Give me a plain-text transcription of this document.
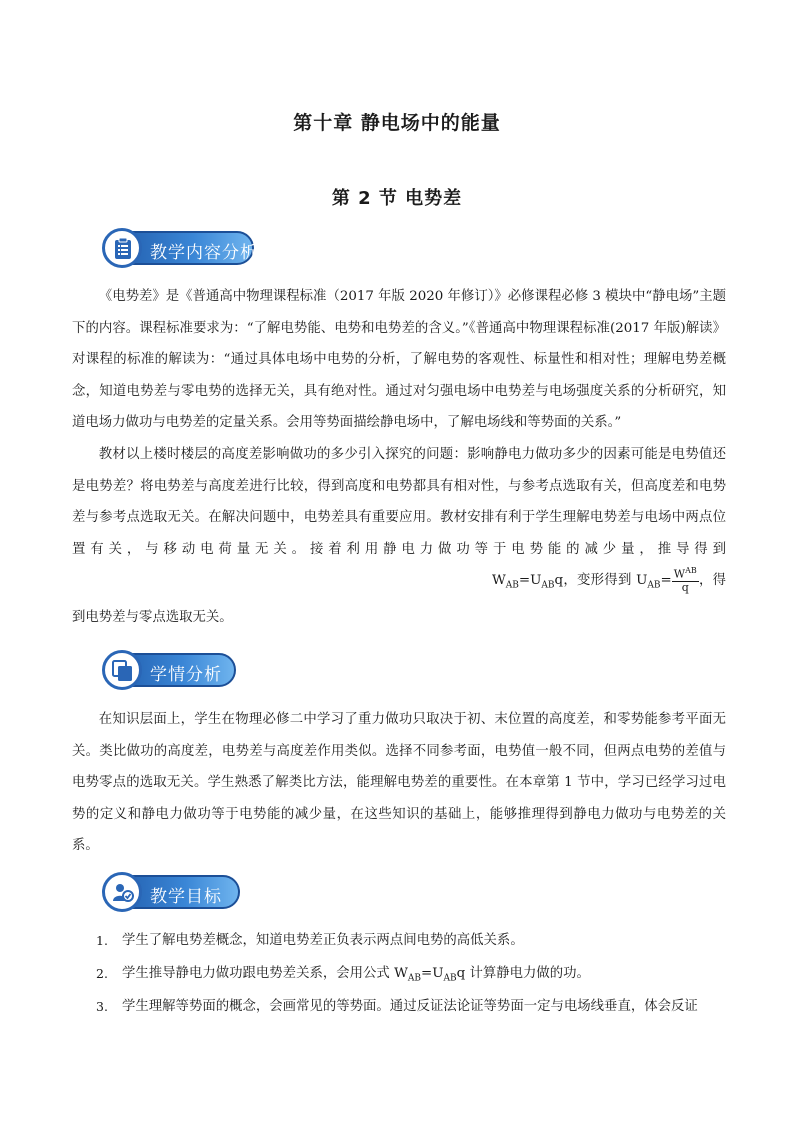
第十章 静电场中的能量
第 2 节 电势差
教学内容分析

《电势差》是《普通高中物理课程标准（2017 年版 2020 年修订）》必修课程必修 3 模块中“静电场”主题下的内容。课程标准要求为：“了解电势能、电势和电势差的含义。”《普通高中物理课程标准(2017 年版)解读》对课程的标准的解读为：“通过具体电场中电势的分析，了解电势的客观性、标量性和相对性；理解电势差概念，知道电势差与零电势的选择无关，具有绝对性。通过对匀强电场中电势差与电场强度关系的分析研究，知道电场力做功与电势差的定量关系。会用等势面描绘静电场中，了解电场线和等势面的关系。”

教材以上楼时楼层的高度差影响做功的多少引入探究的问题：影响静电力做功多少的因素可能是电势值还是电势差？将电势差与高度差进行比较，得到高度和电势都具有相对性，与参考点选取有关，但高度差和电势差与参考点选取无关。在解决问题中，电势差具有重要应用。教材安排有利于学生理解电势差与电场中两点位置有关，与移动电荷量无关。接着利用静电力做功等于电势能的减少量，推导得到$W_{AB}=U_{AB}q$，变形得到 $U_{AB}= W^{AB}$
q ，得到电势差与零点选取无关。

学情分析

在知识层面上，学生在物理必修二中学习了重力做功只取决于初、末位置的高度差，和零势能参考平面无关。类比做功的高度差，电势差与高度差作用类似。选择不同参考面，电势值一般不同，但两点电势的差值与电势零点的选取无关。学生熟悉了解类比方法，能理解电势差的重要性。在本章第 1 节中，学习已经学习过电势的定义和静电力做功等于电势能的减少量，在这些知识的基础上，能够推理得到静电力做功与电势差的关系。

教学目标
1. 学生了解电势差概念，知道电势差正负表示两点间电势的高低关系。
2. 学生推导静电力做功跟电势差关系，会用公式 $W_{AB}=U_{AB}q$ 计算静电力做的功。
3. 学生理解等势面的概念，会画常见的等势面。通过反证法论证等势面一定与电场线垂直，体会反证
